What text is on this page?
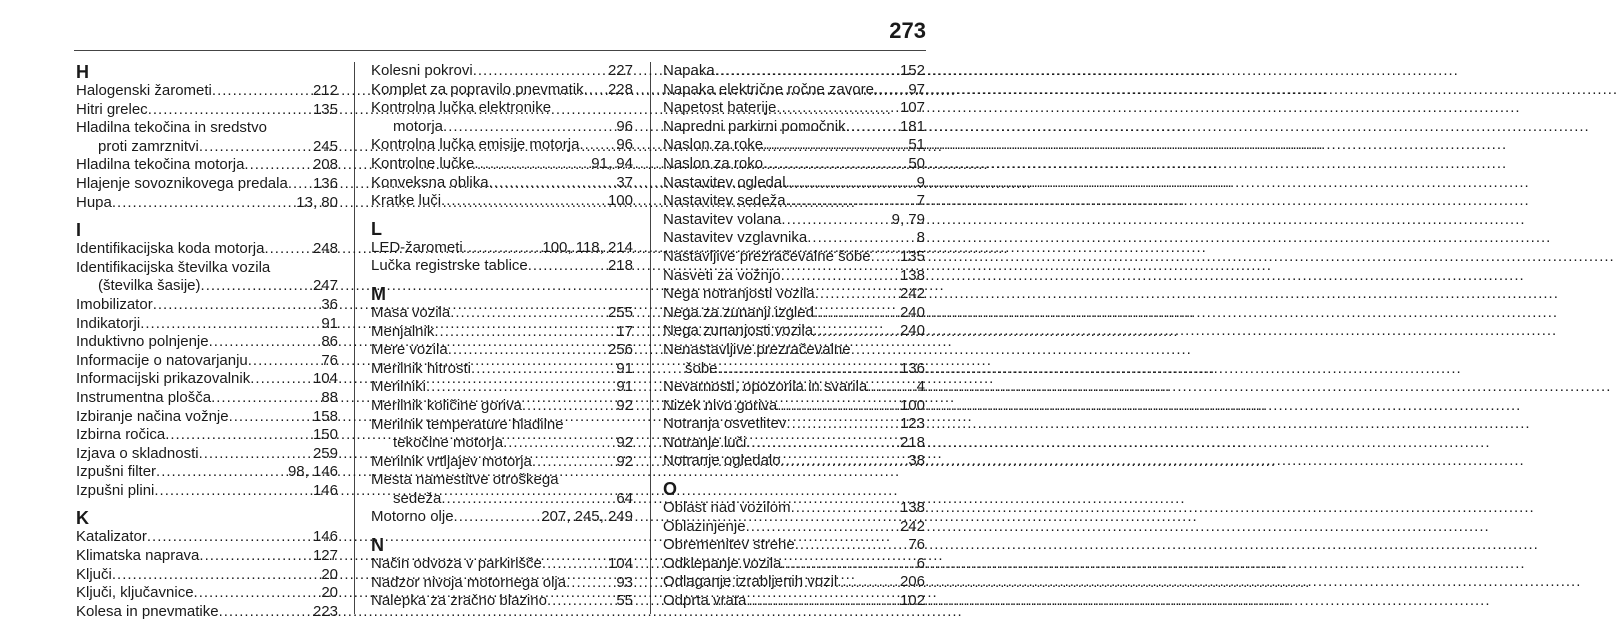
273
H
Halogenski žarometi .....	212
Hitri grelec .....	135
Hladilna tekočina in sredstvo
proti zamrznitvi .....	245
Hladilna tekočina motorja .....	208
Hlajenje sovoznikovega predala ..... 136
Hupa .....	13, 80
I
Identifikacijska koda motorja .....	248
Identifikacijska številka vozila
(številka šasije) .....	247
Imobilizator .....	36
Indikatorji .....	91
Induktivno polnjenje .....	86
Informacije o natovarjanju .....	76
Informacijski prikazovalnik .....	104
Instrumentna plošča .....	88
Izbiranje načina vožnje .....	158
Izbirna ročica .....	150
Izjava o skladnosti .....	259
Izpušni filter .....	98, 146
Izpušni plini .....	146
K
Katalizator .....	146
Klimatska naprava .....	127
Ključi .....	20
Ključi, ključavnice .....	20
Kolesa in pnevmatike .....	223
Kolesni pokrovi .....	227
Komplet za popravilo pnevmatik ..... 228
Kontrolna lučka elektronike
motorja .....	96
Kontrolna lučka emisije motorja ..... 96
Kontrolne lučke .....	91, 94
Konveksna oblika .....	37
Kratke luči .....	100
L
LED-žarometi .....	100, 118, 214
Lučka registrske tablice .....	218
M
Masa vozila .....	255
Menjalnik .....	17
Mere vozila .....	256
Merilnik hitrosti .....	91
Merilniki .....	91
Merilnik količine goriva .....	92
Merilnik temperature hladilne
tekočine motorja .....	92
Merilnik vrtljajev motorja .....	92
Mesta namestitve otroškega
sedeža .....	64
Motorno olje .....	207, 245, 249
N
Način odvoza v parkirišče .....	104
Nadzor nivoja motornega olja .....	93
Nalepka za zračno blazino .....	55
Napaka .....	152
Napaka električne ročne zavore ..... 97
Napetost baterije .....	107
Napredni parkirni pomočnik .....	181
Naslon za roke .....	51
Naslon za roko .....	50
Nastavitev ogledal .....	9
Nastavitev sedeža .....	7
Nastavitev volana .....	9, 79
Nastavitev vzglavnika .....	8
Nastavljive prezračevalne šobe ..... 135
Nasveti za vožnjo .....	138
Nega notranjosti vozila .....	242
Nega za zunanji izgled .....	240
Nega zunanjosti vozila .....	240
Nenastavljive prezračevalne
šobe .....	136
Nevarnosti, opozorila in svarila .....	4
Nizek nivo goriva .....	100
Notranja osvetlitev .....	123
Notranje luči .....	218
Notranje ogledalo .....	38
O
Oblast nad vozilom .....	138
Oblazinjenje .....	242
Obremenitev strehe .....	76
Odklepanje vozila .....	6
Odlaganje izrabljenih vozil .....	206
Odprta vrata .....	102
